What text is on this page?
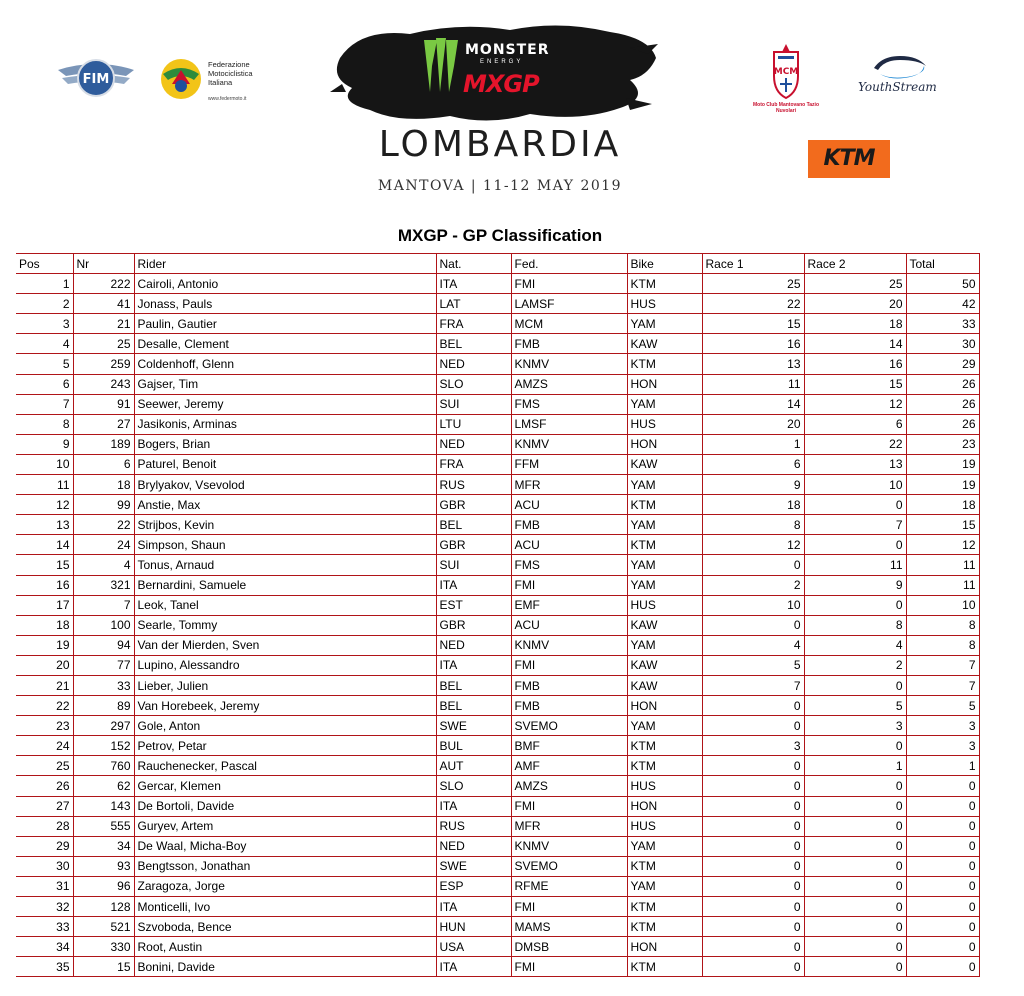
FIM
Federazione Motociclistica Italiana
www.federmoto.it
MONSTER
ENERGY
MXGP
LOMBARDIA
MANTOVA | 11-12 MAY 2019
MCM
Moto Club Mantovano Tazio Nuvolari
YouthStream
KTM
MXGP - GP Classification
Pos	Nr	Rider	Nat.	Fed.	Bike	Race 1	Race 2	Total
1	222	Cairoli, Antonio	ITA	FMI	KTM	25	25	50
2	41	Jonass, Pauls	LAT	LAMSF	HUS	22	20	42
3	21	Paulin, Gautier	FRA	MCM	YAM	15	18	33
4	25	Desalle, Clement	BEL	FMB	KAW	16	14	30
5	259	Coldenhoff, Glenn	NED	KNMV	KTM	13	16	29
6	243	Gajser, Tim	SLO	AMZS	HON	11	15	26
7	91	Seewer, Jeremy	SUI	FMS	YAM	14	12	26
8	27	Jasikonis, Arminas	LTU	LMSF	HUS	20	6	26
9	189	Bogers, Brian	NED	KNMV	HON	1	22	23
10	6	Paturel, Benoit	FRA	FFM	KAW	6	13	19
11	18	Brylyakov, Vsevolod	RUS	MFR	YAM	9	10	19
12	99	Anstie, Max	GBR	ACU	KTM	18	0	18
13	22	Strijbos, Kevin	BEL	FMB	YAM	8	7	15
14	24	Simpson, Shaun	GBR	ACU	KTM	12	0	12
15	4	Tonus, Arnaud	SUI	FMS	YAM	0	11	11
16	321	Bernardini, Samuele	ITA	FMI	YAM	2	9	11
17	7	Leok, Tanel	EST	EMF	HUS	10	0	10
18	100	Searle, Tommy	GBR	ACU	KAW	0	8	8
19	94	Van der Mierden, Sven	NED	KNMV	YAM	4	4	8
20	77	Lupino, Alessandro	ITA	FMI	KAW	5	2	7
21	33	Lieber, Julien	BEL	FMB	KAW	7	0	7
22	89	Van Horebeek, Jeremy	BEL	FMB	HON	0	5	5
23	297	Gole, Anton	SWE	SVEMO	YAM	0	3	3
24	152	Petrov, Petar	BUL	BMF	KTM	3	0	3
25	760	Rauchenecker, Pascal	AUT	AMF	KTM	0	1	1
26	62	Gercar, Klemen	SLO	AMZS	HUS	0	0	0
27	143	De Bortoli, Davide	ITA	FMI	HON	0	0	0
28	555	Guryev, Artem	RUS	MFR	HUS	0	0	0
29	34	De Waal, Micha-Boy	NED	KNMV	YAM	0	0	0
30	93	Bengtsson, Jonathan	SWE	SVEMO	KTM	0	0	0
31	96	Zaragoza, Jorge	ESP	RFME	YAM	0	0	0
32	128	Monticelli, Ivo	ITA	FMI	KTM	0	0	0
33	521	Szvoboda, Bence	HUN	MAMS	KTM	0	0	0
34	330	Root, Austin	USA	DMSB	HON	0	0	0
35	15	Bonini, Davide	ITA	FMI	KTM	0	0	0
